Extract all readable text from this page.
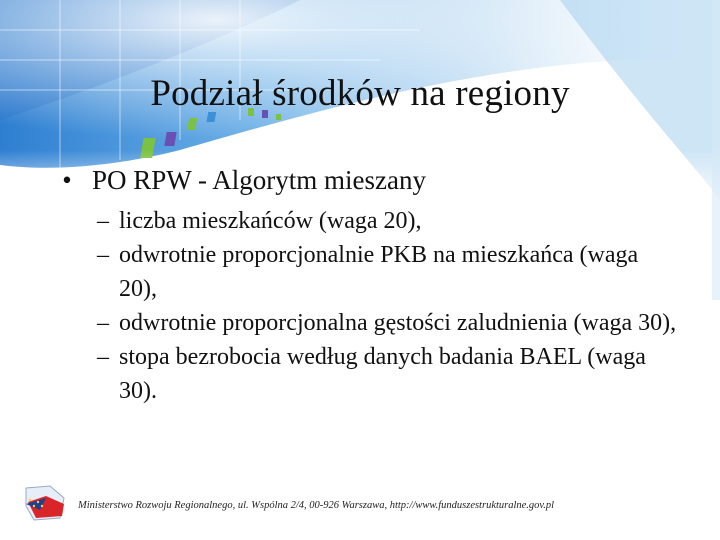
Podział środków na regiony
• PO RPW - Algorytm mieszany
– liczba mieszkańców (waga 20),
– odwrotnie proporcjonalnie PKB na mieszkańca (waga 20),
– odwrotnie proporcjonalna gęstości zaludnienia (waga 30),
– stopa bezrobocia według danych badania BAEL (waga 30).
Ministerstwo Rozwoju Regionalnego, ul. Wspólna 2/4, 00-926 Warszawa, http://www.funduszestrukturalne.gov.pl
